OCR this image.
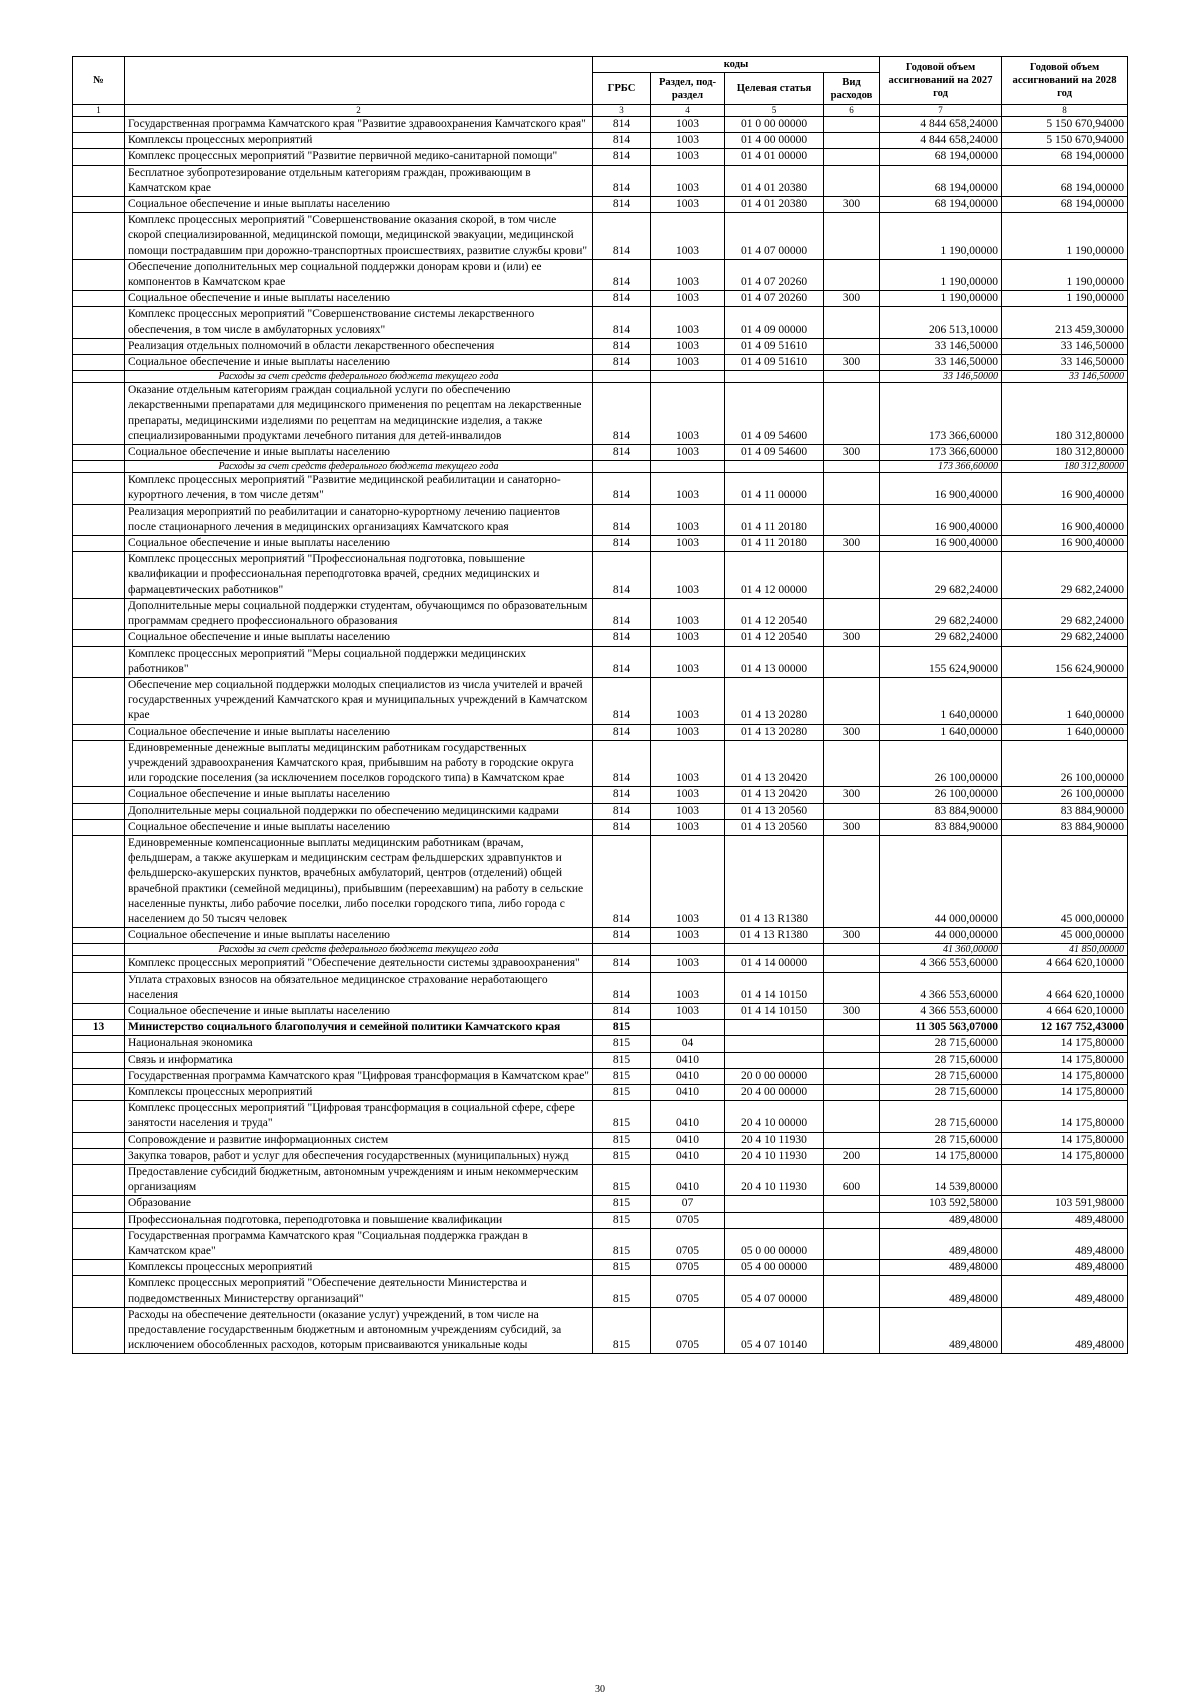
№		коды				Годовой объем ассигнований на 2027 год	Годовой объем ассигнований на 2028 год
		ГРБС	Раздел, под-раздел	Целевая статья	Вид расходов		
1	2	3	4	5	6	7	8
	Государственная программа Камчатского края "Развитие здравоохранения Камчатского края"	814	1003	01 0 00 00000		4 844 658,24000	5 150 670,94000
	Комплексы процессных мероприятий	814	1003	01 4 00 00000		4 844 658,24000	5 150 670,94000
	Комплекс процессных мероприятий "Развитие первичной медико-санитарной помощи"	814	1003	01 4 01 00000		68 194,00000	68 194,00000
	Бесплатное зубопротезирование отдельным категориям граждан, проживающим в Камчатском крае	814	1003	01 4 01 20380		68 194,00000	68 194,00000
	Социальное обеспечение и иные выплаты населению	814	1003	01 4 01 20380	300	68 194,00000	68 194,00000
	Комплекс процессных мероприятий "Совершенствование оказания скорой, в том числе скорой специализированной, медицинской помощи, медицинской эвакуации, медицинской помощи пострадавшим при дорожно-транспортных происшествиях, развитие службы крови"	814	1003	01 4 07 00000		1 190,00000	1 190,00000
	Обеспечение дополнительных мер социальной поддержки донорам крови и (или) ее компонентов в Камчатском крае	814	1003	01 4 07 20260		1 190,00000	1 190,00000
	Социальное обеспечение и иные выплаты населению	814	1003	01 4 07 20260	300	1 190,00000	1 190,00000
	Комплекс процессных мероприятий "Совершенствование системы лекарственного обеспечения, в том числе в амбулаторных условиях"	814	1003	01 4 09 00000		206 513,10000	213 459,30000
	Реализация отдельных полномочий в области лекарственного обеспечения	814	1003	01 4 09 51610		33 146,50000	33 146,50000
	Социальное обеспечение и иные выплаты населению	814	1003	01 4 09 51610	300	33 146,50000	33 146,50000
	Расходы за счет средств федерального бюджета текущего года					33 146,50000	33 146,50000
	Оказание отдельным категориям граждан социальной услуги по обеспечению лекарственными препаратами для медицинского применения по рецептам на лекарственные препараты, медицинскими изделиями по рецептам на медицинские изделия, а также специализированными продуктами лечебного питания для детей-инвалидов	814	1003	01 4 09 54600		173 366,60000	180 312,80000
	Социальное обеспечение и иные выплаты населению	814	1003	01 4 09 54600	300	173 366,60000	180 312,80000
	Расходы за счет средств федерального бюджета текущего года					173 366,60000	180 312,80000
	Комплекс процессных мероприятий "Развитие медицинской реабилитации и санаторно-курортного лечения, в том числе детям"	814	1003	01 4 11 00000		16 900,40000	16 900,40000
	Реализация мероприятий по реабилитации и санаторно-курортному лечению пациентов после стационарного лечения в медицинских организациях Камчатского края	814	1003	01 4 11 20180		16 900,40000	16 900,40000
	Социальное обеспечение и иные выплаты населению	814	1003	01 4 11 20180	300	16 900,40000	16 900,40000
	Комплекс процессных мероприятий "Профессиональная подготовка, повышение квалификации и профессиональная переподготовка врачей, средних медицинских и фармацевтических работников"	814	1003	01 4 12 00000		29 682,24000	29 682,24000
	Дополнительные меры социальной поддержки студентам, обучающимся по образовательным программам среднего профессионального образования	814	1003	01 4 12 20540		29 682,24000	29 682,24000
	Социальное обеспечение и иные выплаты населению	814	1003	01 4 12 20540	300	29 682,24000	29 682,24000
	Комплекс процессных мероприятий "Меры социальной поддержки медицинских работников"	814	1003	01 4 13 00000		155 624,90000	156 624,90000
	Обеспечение мер социальной поддержки молодых специалистов из числа учителей и врачей государственных учреждений Камчатского края и муниципальных учреждений в Камчатском крае	814	1003	01 4 13 20280		1 640,00000	1 640,00000
	Социальное обеспечение и иные выплаты населению	814	1003	01 4 13 20280	300	1 640,00000	1 640,00000
	Единовременные денежные выплаты медицинским работникам государственных учреждений здравоохранения Камчатского края, прибывшим на работу в городские округа или городские поселения (за исключением поселков городского типа) в Камчатском крае	814	1003	01 4 13 20420		26 100,00000	26 100,00000
	Социальное обеспечение и иные выплаты населению	814	1003	01 4 13 20420	300	26 100,00000	26 100,00000
	Дополнительные меры социальной поддержки по обеспечению медицинскими кадрами	814	1003	01 4 13 20560		83 884,90000	83 884,90000
	Социальное обеспечение и иные выплаты населению	814	1003	01 4 13 20560	300	83 884,90000	83 884,90000
	Единовременные компенсационные выплаты медицинским работникам (врачам, фельдшерам, а также акушеркам и медицинским сестрам фельдшерских здравпунктов и фельдшерско-акушерских пунктов, врачебных амбулаторий, центров (отделений) общей врачебной практики (семейной медицины), прибывшим (переехавшим) на работу в сельские населенные пункты, либо рабочие поселки, либо поселки городского типа, либо города с населением до 50 тысяч человек	814	1003	01 4 13 R1380		44 000,00000	45 000,00000
	Социальное обеспечение и иные выплаты населению	814	1003	01 4 13 R1380	300	44 000,00000	45 000,00000
	Расходы за счет средств федерального бюджета текущего года					41 360,00000	41 850,00000
	Комплекс процессных мероприятий "Обеспечение деятельности системы здравоохранения"	814	1003	01 4 14 00000		4 366 553,60000	4 664 620,10000
	Уплата страховых взносов на обязательное медицинское страхование неработающего населения	814	1003	01 4 14 10150		4 366 553,60000	4 664 620,10000
	Социальное обеспечение и иные выплаты населению	814	1003	01 4 14 10150	300	4 366 553,60000	4 664 620,10000
13	Министерство социального благополучия и семейной политики Камчатского края	815				11 305 563,07000	12 167 752,43000
	Национальная экономика	815	04			28 715,60000	14 175,80000
	Связь и информатика	815	0410			28 715,60000	14 175,80000
	Государственная программа Камчатского края "Цифровая трансформация в Камчатском крае"	815	0410	20 0 00 00000		28 715,60000	14 175,80000
	Комплексы процессных мероприятий	815	0410	20 4 00 00000		28 715,60000	14 175,80000
	Комплекс процессных мероприятий "Цифровая трансформация в социальной сфере, сфере занятости населения и труда"	815	0410	20 4 10 00000		28 715,60000	14 175,80000
	Сопровождение и развитие информационных систем	815	0410	20 4 10 11930		28 715,60000	14 175,80000
	Закупка товаров, работ и услуг для обеспечения государственных (муниципальных) нужд	815	0410	20 4 10 11930	200	14 175,80000	14 175,80000
	Предоставление субсидий бюджетным, автономным учреждениям и иным некоммерческим организациям	815	0410	20 4 10 11930	600	14 539,80000	
	Образование	815	07			103 592,58000	103 591,98000
	Профессиональная подготовка, переподготовка и повышение квалификации	815	0705			489,48000	489,48000
	Государственная программа Камчатского края "Социальная поддержка граждан в Камчатском крае"	815	0705	05 0 00 00000		489,48000	489,48000
	Комплексы процессных мероприятий	815	0705	05 4 00 00000		489,48000	489,48000
	Комплекс процессных мероприятий "Обеспечение деятельности Министерства и подведомственных Министерству организаций"	815	0705	05 4 07 00000		489,48000	489,48000
	Расходы на обеспечение деятельности (оказание услуг) учреждений, в том числе на предоставление государственным бюджетным и автономным учреждениям субсидий, за исключением обособленных расходов, которым присваиваются уникальные коды	815	0705	05 4 07 10140		489,48000	489,48000
30
